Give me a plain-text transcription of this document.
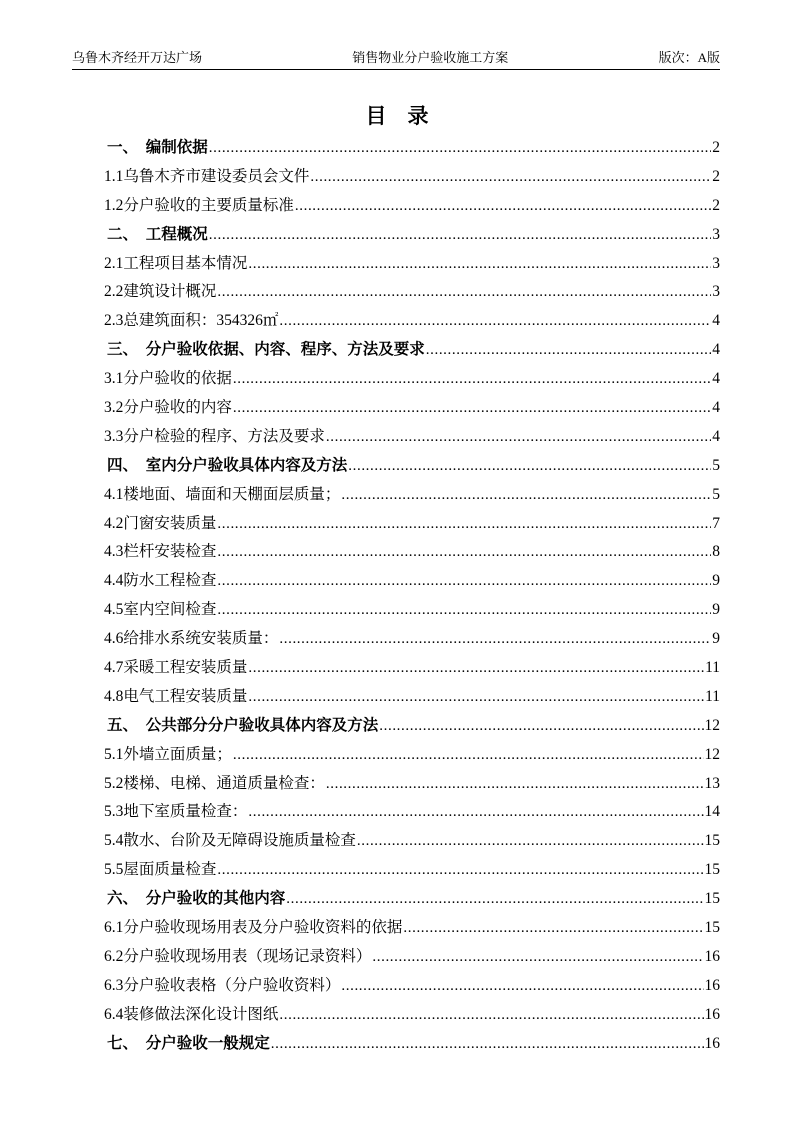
乌鲁木齐经开万达广场	销售物业分户验收施工方案	版次：A版
目　录
一、　编制依据 .....	2
1.1乌鲁木齐市建设委员会文件 .....	2
1.2分户验收的主要质量标准 .....	2
二、　工程概况 .....	3
2.1工程项目基本情况 .....	3
2.2建筑设计概况 .....	3
2.3总建筑面积：354326㎡ .....	4
三、　分户验收依据、内容、程序、方法及要求 .....	4
3.1分户验收的依据 .....	4
3.2分户验收的内容 .....	4
3.3分户检验的程序、方法及要求 .....	4
四、　室内分户验收具体内容及方法 .....	5
4.1楼地面、墙面和天棚面层质量； .....	5
4.2门窗安装质量 .....	7
4.3栏杆安装检查 .....	8
4.4防水工程检查 .....	9
4.5室内空间检查 .....	9
4.6给排水系统安装质量： .....	9
4.7采暖工程安装质量 .....	11
4.8电气工程安装质量 .....	11
五、　公共部分分户验收具体内容及方法 .....	12
5.1外墙立面质量； .....	12
5.2楼梯、电梯、通道质量检查： .....	13
5.3地下室质量检查： .....	14
5.4散水、台阶及无障碍设施质量检查 .....	15
5.5屋面质量检查 .....	15
六、　分户验收的其他内容 .....	15
6.1分户验收现场用表及分户验收资料的依据 .....	15
6.2分户验收现场用表（现场记录资料） .....	16
6.3分户验收表格（分户验收资料） .....	16
6.4装修做法深化设计图纸 .....	16
七、　分户验收一般规定 .....	16
